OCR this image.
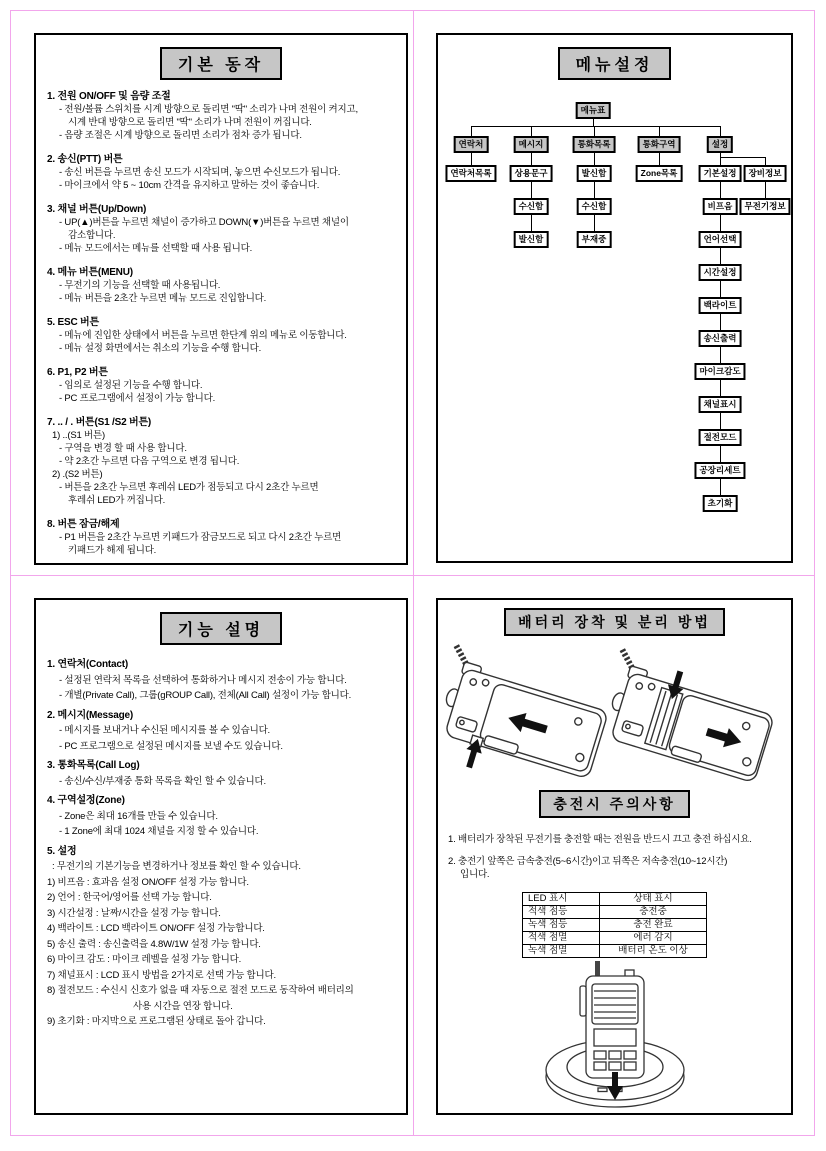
기본 동작
1. 전원 ON/OFF 및 음량 조절
- 전원/볼륨 스위치를 시계 방향으로 돌리면 "딱" 소리가 나며 전원이 켜지고,
시계 반대 방향으로 돌리면 "딱" 소리가 나며 전원이 꺼집니다.
- 음량 조절은 시계 방향으로 돌리면 소리가 점차 증가 됩니다.
2. 송신(PTT) 버튼
- 송신 버튼을 누르면 송신 모드가 시작되며, 놓으면 수신모드가 됩니다.
- 마이크에서 약 5 ~ 10cm 간격을 유지하고 말하는 것이 좋습니다.
3. 채널 버튼(Up/Down)
- UP(▲)버튼을 누르면 채널이 증가하고 DOWN(▼)버튼을 누르면 채널이
감소합니다.
- 메뉴 모드에서는 메뉴를 선택할 때 사용 됩니다.
4. 메뉴 버튼(MENU)
- 무전기의 기능을 선택할 때 사용됩니다.
- 메뉴 버튼을 2초간 누르면 메뉴 모드로 진입합니다.
5. ESC 버튼
- 메뉴에 진입한 상태에서 버튼을 누르면 한단계 위의 메뉴로 이동합니다.
- 메뉴 설정 화면에서는 취소의 기능을 수행 합니다.
6. P1, P2 버튼
- 임의로 설정된 기능을 수행 합니다.
- PC 프로그램에서 설정이 가능 합니다.
7. .. / . 버튼(S1 /S2 버튼)
1) ..(S1 버튼)
- 구역을 변경 할 때 사용 합니다.
- 약 2초간 누르면 다음 구역으로 변경 됩니다.
2) .(S2 버튼)
- 버튼을 2초간 누르면 후레쉬 LED가 점등되고 다시 2초간 누르면
후레쉬 LED가 꺼집니다.
8. 버튼 잠금/해제
- P1 버튼을 2초간 누르면 키패드가 잠금모드로 되고 다시 2초간 누르면
키패드가 해제 됩니다.
메뉴설정
메뉴표
연락처
연락처목록
메시지
상용문구
수신함
발신함
통화목록
발신함
수신함
부재중
통화구역
Zone목록
설정
기본설정
비프음
언어선택
시간설정
백라이트
송신출력
마이크감도
채널표시
절전모드
공장리세트
초기화
장비정보
무전기정보
기능 설명
1. 연락처(Contact)
- 설정된 연락처 목록을 선택하여 통화하거나 메시지 전송이 가능 합니다.
- 개별(Private Call), 그룹(gROUP Call), 전체(All Call) 설정이 가능 합니다.
2. 메시지(Message)
- 메시지를 보내거나 수신된 메시지를 볼 수 있습니다.
- PC 프로그램으로 설정된 메시지를 보낼 수도 있습니다.
3. 통화목록(Call Log)
- 송신/수신/부재중 통화 목록을 확인 할 수 있습니다.
4. 구역설정(Zone)
- Zone은 최대 16개를 만들 수 있습니다.
- 1 Zone에 최대 1024 채널을 지정 할 수 있습니다.
5. 설정
: 무전기의 기본기능을 변경하거나 정보를 확인 할 수 있습니다.
1) 비프음 : 효과음 설정 ON/OFF 설정 가능 합니다.
2) 언어 : 한국어/영어를 선택 가능 합니다.
3) 시간설정 : 날짜/시간을 설정 가능 합니다.
4) 백라이트 : LCD 백라이트 ON/OFF 설정 가능합니다.
5) 송신 출력 : 송신출력을 4.8W/1W 설정 가능 합니다.
6) 마이크 감도 : 마이크 레벨을 설정 가능 합니다.
7) 채널표시 : LCD 표시 방법을 2가지로 선택 가능 합니다.
8) 절전모드 : 수신시 신호가 없을 때 자동으로 절전 모드로 동작하여 배터리의
사용 시간을 연장 합니다.
9) 초기화 : 마지막으로 프로그램된 상태로 돌아 갑니다.
배터리 장착 및 분리 방법
충전시 주의사항
1. 배터리가 장착된 무전기를 충전할 때는 전원을 반드시 끄고 충전 하십시요.
2. 충전기 앞쪽은 급속충전(5~6시간)이고 뒤쪽은 저속충전(10~12시간)
입니다.
LED 표시	상태 표시
적색 점등	충전중
녹색 점등	충전 완료
적색 점멸	에러 감지
녹색 점멸	배터리 온도 이상
